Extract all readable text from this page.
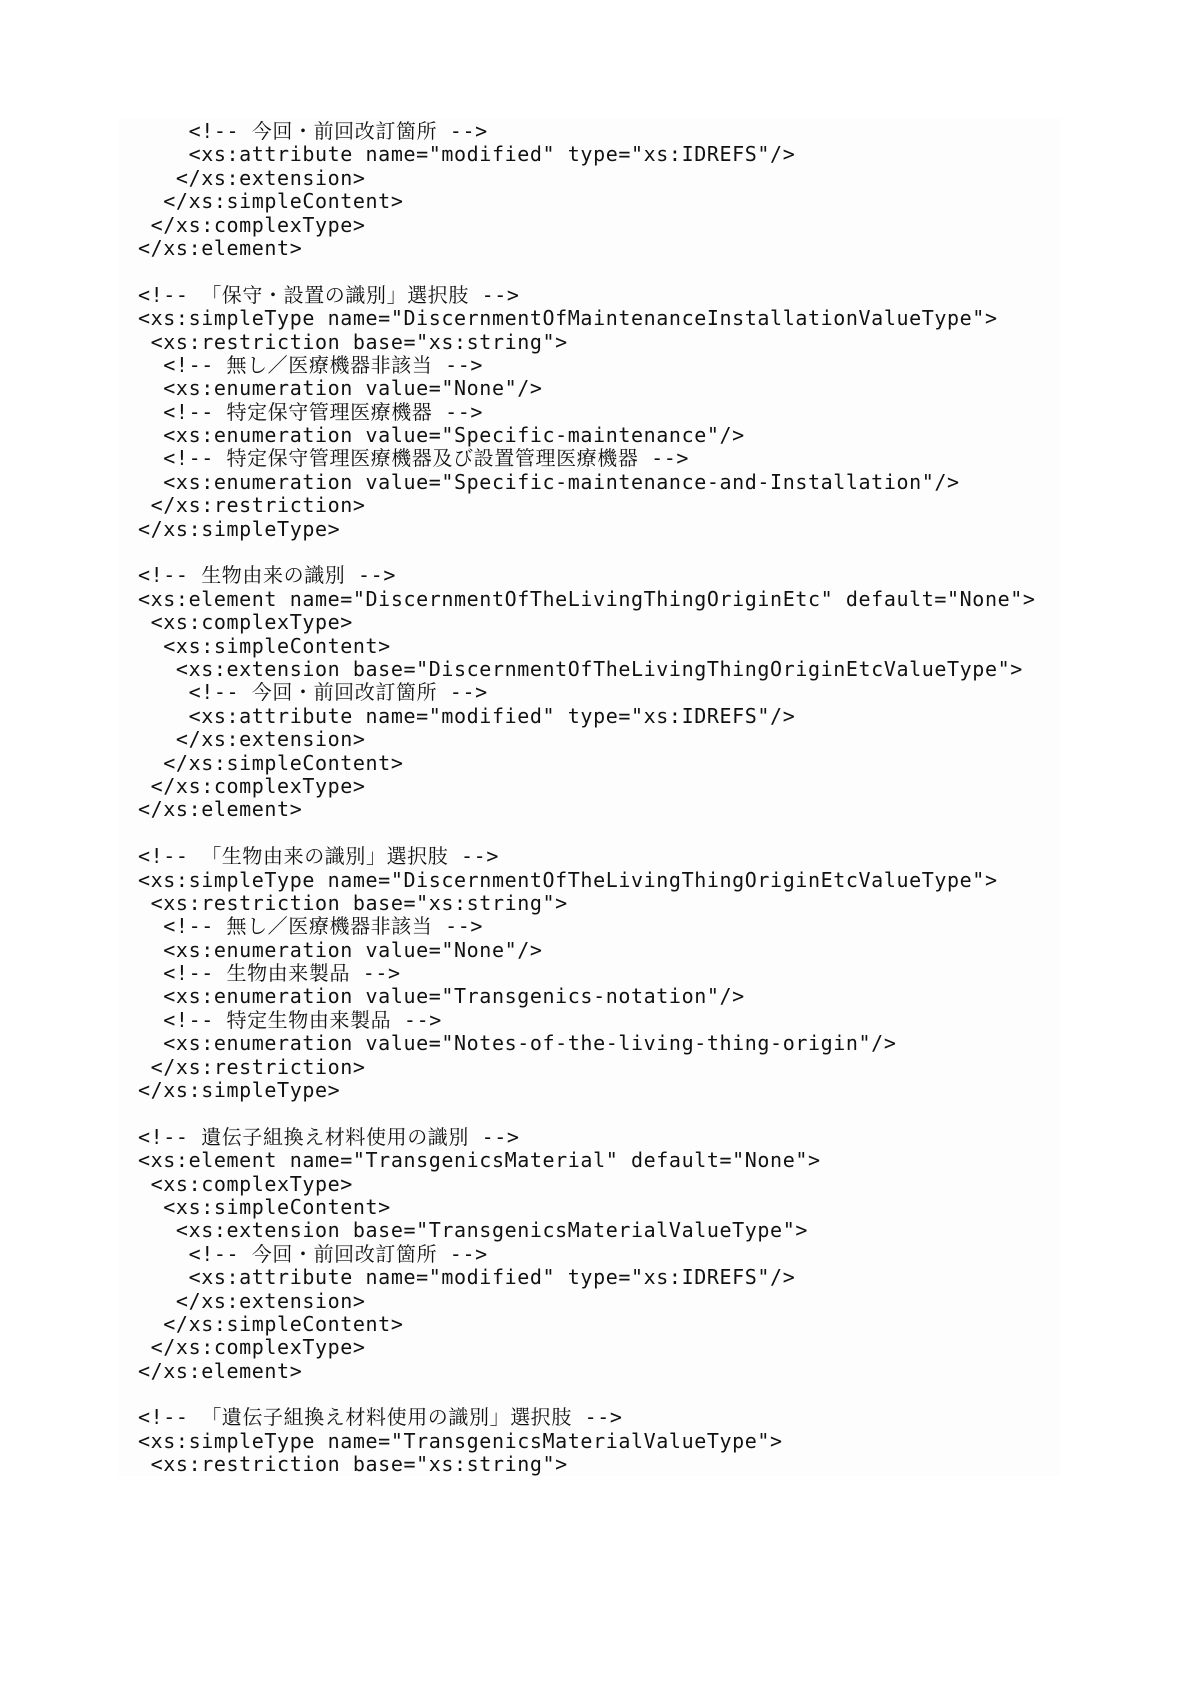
<!-- 今回・前回改訂箇所 -->
<xs:attribute name="modified" type="xs:IDREFS"/>
</xs:extension>
</xs:simpleContent>
</xs:complexType>
</xs:element>
<!-- 「保守・設置の識別」選択肢 -->
<xs:simpleType name="DiscernmentOfMaintenanceInstallationValueType">
<xs:restriction base="xs:string">
<!-- 無し／医療機器非該当 -->
<xs:enumeration value="None"/>
<!-- 特定保守管理医療機器 -->
<xs:enumeration value="Specific-maintenance"/>
<!-- 特定保守管理医療機器及び設置管理医療機器 -->
<xs:enumeration value="Specific-maintenance-and-Installation"/>
</xs:restriction>
</xs:simpleType>
<!-- 生物由来の識別 -->
<xs:element name="DiscernmentOfTheLivingThingOriginEtc" default="None">
<xs:complexType>
<xs:simpleContent>
<xs:extension base="DiscernmentOfTheLivingThingOriginEtcValueType">
<!-- 今回・前回改訂箇所 -->
<xs:attribute name="modified" type="xs:IDREFS"/>
</xs:extension>
</xs:simpleContent>
</xs:complexType>
</xs:element>
<!-- 「生物由来の識別」選択肢 -->
<xs:simpleType name="DiscernmentOfTheLivingThingOriginEtcValueType">
<xs:restriction base="xs:string">
<!-- 無し／医療機器非該当 -->
<xs:enumeration value="None"/>
<!-- 生物由来製品 -->
<xs:enumeration value="Transgenics-notation"/>
<!-- 特定生物由来製品 -->
<xs:enumeration value="Notes-of-the-living-thing-origin"/>
</xs:restriction>
</xs:simpleType>
<!-- 遺伝子組換え材料使用の識別 -->
<xs:element name="TransgenicsMaterial" default="None">
<xs:complexType>
<xs:simpleContent>
<xs:extension base="TransgenicsMaterialValueType">
<!-- 今回・前回改訂箇所 -->
<xs:attribute name="modified" type="xs:IDREFS"/>
</xs:extension>
</xs:simpleContent>
</xs:complexType>
</xs:element>
<!-- 「遺伝子組換え材料使用の識別」選択肢 -->
<xs:simpleType name="TransgenicsMaterialValueType">
<xs:restriction base="xs:string">
